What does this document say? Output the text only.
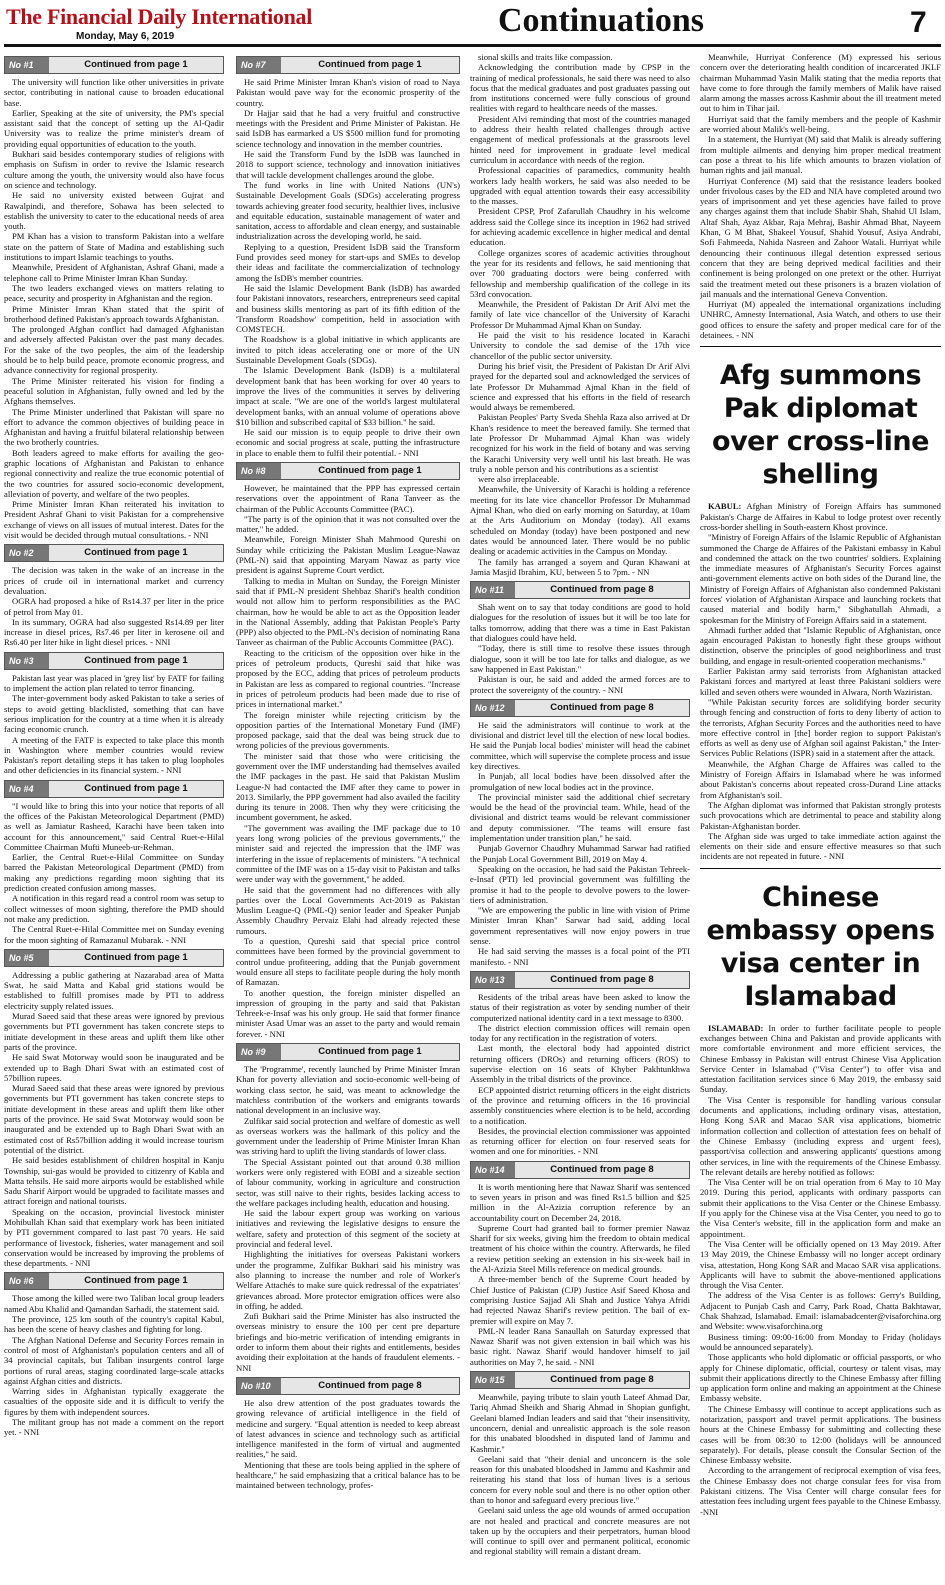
The Financial Daily International
Monday, May 6, 2019	Continuations	7
No #1	Continued from page 1

The university will function like other universities in private sector, contributing in national cause to broaden educational base.

Earlier, Speaking at the site of university, the PM's special assistant said that the concept of setting up the Al-Qadir University was to realize the prime minister's dream of providing equal opportunities of education to the youth.

Bukhari said besides contemporary studies of religions with emphasis on Sufism in order to revive the Islamic research culture among the youth, the university would also have focus on science and technology.

He said no university existed between Gujrat and Rawalpindi, and therefore, Sohawa has been selected to establish the university to cater to the educational needs of area youth.

PM Khan has a vision to transform Pakistan into a welfare state on the pattern of State of Madina and establishing such institutions to impart Islamic teachings to youths.

Meanwhile, President of Afghanistan, Ashraf Ghani, made a telephone call to Prime Minister Imran Khan Sunday.

The two leaders exchanged views on matters relating to peace, security and prosperity in Afghanistan and the region.

Prime Minister Imran Khan stated that the spirit of brotherhood defined Pakistan's approach towards Afghanistan.

The prolonged Afghan conflict had damaged Afghanistan and adversely affected Pakistan over the past many decades. For the sake of the two peoples, the aim of the leadership should be to help build peace, promote economic progress, and advance connectivity for regional prosperity.

The Prime Minister reiterated his vision for finding a peaceful solution in Afghanistan, fully owned and led by the Afghans themselves.

The Prime Minister underlined that Pakistan will spare no effort to advance the common objectives of building peace in Afghanistan and having a fruitful bilateral relationship between the two brotherly countries.

Both leaders agreed to make efforts for availing the geo-graphic locations of Afghanistan and Pakistan to enhance regional connectivity and realize the true economic potential of the two countries for assured socio-economic development, alleviation of poverty, and welfare of the two peoples.

Prime Minister Imran Khan reiterated his invitation to President Ashraf Ghani to visit Pakistan for a comprehensive exchange of views on all issues of mutual interest. Dates for the visit would be decided through mutual consultations. - NNI

No #2	Continued from page 1

The decision was taken in the wake of an increase in the prices of crude oil in international market and currency devaluation.

OGRA had proposed a hike of Rs14.37 per liter in the price of petrol from May 01.

In its summary, OGRA had also suggested Rs14.89 per liter increase in diesel prices, Rs7.46 per liter in kerosene oil and Rs6.40 per liter hike in light diesel prices. - NNI

No #3	Continued from page 1

Pakistan last year was placed in 'grey list' by FATF for failing to implement the action plan related to terror financing.

The inter-government body asked Pakistan to take a series of steps to avoid getting blacklisted, something that can have serious implication for the country at a time when it is already facing economic crunch.

A meeting of the FATF is expected to take place this month in Washington where member countries would review Pakistan's report detailing steps it has taken to plug loopholes and other deficiencies in its financial system. - NNI

No #4	Continued from page 1

"I would like to bring this into your notice that reports of all the offices of the Pakistan Meteorological Department (PMD) as well as Jamiatur Rasheed, Karachi have been taken into account for this announcement," said Central Ruet-e-Hilal Committee Chairman Mufti Muneeb-ur-Rehman.

Earlier, the Central Ruet-e-Hilal Committee on Sunday barred the Pakistan Meteorological Department (PMD) from making any predictions regarding moon sighting that its prediction created confusion among masses.

A notification in this regard read a control room was setup to collect witnesses of moon sighting, therefore the PMD should not make any prediction.

The Central Ruet-e-Hilal Committee met on Sunday evening for the moon sighting of Ramazanul Mubarak. - NNI

No #5	Continued from page 1

Addressing a public gathering at Nazarabad area of Matta Swat, he said Matta and Kabal grid stations would be established to fulfill promises made by PTI to address electricity supply related issues.

Murad Saeed said that these areas were ignored by previous governments but PTI government has taken concrete steps to initiate development in these areas and uplift them like other parts of the province.

He said Swat Motorway would soon be inaugurated and be extended up to Bagh Dhari Swat with an estimated cost of 57billion rupees.

Murad Saeed said that these areas were ignored by previous governments but PTI government has taken concrete steps to initiate development in these areas and uplift them like other parts of the province. He said Swat Motorway would soon be inaugurated and be extended up to Bagh Dhari Swat with an estimated cost of Rs57billion adding it would increase tourism potential of the district.

He said besides establishment of children hospital in Kanju Township, sui-gas would be provided to citizenry of Kabla and Matta tehsils. He said more airports would be established while Sadu Sharif Airport would be upgraded to facilitate masses and attract foreign and national tourists.

Speaking on the occasion, provincial livestock minister Mohibullah Khan said that exemplary work has been initiated by PTI government compared to last past 70 years. He said performance of livestock, fisheries, water management and soil conservation would be increased by improving the problems of these departments. - NNI

No #6	Continued from page 1

Those among the killed were two Taliban local group leaders named Abu Khalid and Qamandan Sarhadi, the statement said.

The province, 125 km south of the country's capital Kabul, has been the scene of heavy clashes and fighting for long.

The Afghan National Defense and Security Forces remain in control of most of Afghanistan's population centers and all of 34 provincial capitals, but Taliban insurgents control large portions of rural areas, staging coordinated large-scale attacks against Afghan cities and districts.

Warring sides in Afghanistan typically exaggerate the casualties of the opposite side and it is difficult to verify the figures by them with independent sources.

The militant group has not made a comment on the report yet. - NNI

No #7	Continued from page 1

He said Prime Minister Imran Khan's vision of road to Naya Pakistan would pave way for the economic prosperity of the country.

Dr Hajjar said that he had a very fruitful and constructive meetings with the President and Prime Minister of Pakistan. He said IsDB has earmarked a US $500 million fund for promoting science technology and innovation in the member countries.

He said the Transform Fund by the IsDB was launched in 2018 to support science, technology and innovation initiatives that will tackle development challenges around the globe.

The fund works in line with United Nations (UN's) Sustainable Development Goals (SDGs) accelerating progress towards achieving greater food security, healthier lives, inclusive and equitable education, sustainable management of water and sanitation, access to affordable and clean energy, and sustainable industrialization across the developing world, he said.

Replying to a question, President IsDB said the Transform Fund provides seed money for start-ups and SMEs to develop their ideas and facilitate the commercialization of technology among the IsDB's member countries.

He said the Islamic Development Bank (IsDB) has awarded four Pakistani innovators, researchers, entrepreneurs seed capital and business skills mentoring as part of its fifth edition of the 'Transform Roadshow' competition, held in association with COMSTECH.

The Roadshow is a global initiative in which applicants are invited to pitch ideas accelerating one or more of the UN Sustainable Development Goals (SDGs).

The Islamic Development Bank (IsDB) is a multilateral development bank that has been working for over 40 years to improve the lives of the communities it serves by delivering impact at scale. "We are one of the world's largest multilateral development banks, with an annual volume of operations above $10 billion and subscribed capital of $33 billion." he said.

He said our mission is to equip people to drive their own economic and social progress at scale, putting the infrastructure in place to enable them to fulfil their potential. - NNI

No #8	Continued from page 1

However, he maintained that the PPP has expressed certain reservations over the appointment of Rana Tanveer as the chairman of the Public Accounts Committee (PAC).

"The party is of the opinion that it was not consulted over the matter," he added.

Meanwhile, Foreign Minister Shah Mahmood Qureshi on Sunday while criticizing the Pakistan Muslim League-Nawaz (PML-N) said that appointing Maryam Nawaz as party vice president is against Supreme Court verdict.

Talking to media in Multan on Sunday, the Foreign Minister said that if PML-N president Shehbaz Sharif's health condition would not allow him to perform responsibilities as the PAC chairman, how he would be able to act as the Opposition leader in the National Assembly, adding that Pakistan People's Party (PPP) also objected to the PML-N's decision of nominating Rana Tanveer as chairman of the Public Accounts Committee (PAC).

Reacting to the criticism of the opposition over hike in the prices of petroleum products, Qureshi said that hike was proposed by the ECC, adding that prices of petroleum products in Pakistan are less as compared to regional countries. "Increase in prices of petroleum products had been made due to rise of prices in international market."

The foreign minister while rejecting criticism by the opposition parties of the International Monetary Fund (IMF) proposed package, said that the deal was being struck due to wrong policies of the previous governments.

The minister said that those who were criticising the government over the IMF understanding had themselves availed the IMF packages in the past. He said that Pakistan Muslim League-N had contacted the IMF after they came to power in 2013. Similarly, the PPP government had also availed the facility during its tenure in 2008. Then why they were criticising the incumbent government, he asked.

"The government was availing the IMF package due to 10 years long wrong policies of the previous governments," the minister said and rejected the impression that the IMF was interfering in the issue of replacements of ministers. "A technical committee of the IMF was on a 15-day visit to Pakistan and talks were under way with the government," he added.

He said that the government had no differences with ally parties over the Local Governments Act-2019 as Pakistan Muslim League-Q (PML-Q) senior leader and Speaker Punjab Assembly Chaudhry Pervaiz Elahi had already rejected these rumours.

To a question, Qureshi said that special price control committees have been formed by the provincial government to control undue profiteering, adding that the Punjab government would ensure all steps to facilitate people during the holy month of Ramazan.

To another question, the foreign minister dispelled an impression of grouping in the party and said that Pakistan Tehreek-e-Insaf was his only group. He said that former finance minister Asad Umar was an asset to the party and would remain forever. - NNI

No #9	Continued from page 1

The 'Programme', recently launched by Prime Minister Imran Khan for poverty alleviation and socio-economic well-being of working class sector, he said, was meant to acknowledge the matchless contribution of the workers and emigrants towards national development in an inclusive way.

Zulfikar said social protection and welfare of domestic as well as overseas workers was the hallmark of this policy and the government under the leadership of Prime Minister Imran Khan was striving hard to uplift the living standards of lower class.

The Special Assistant pointed out that around 0.38 million workers were only registered with EOBI and a sizeable section of labour community, working in agriculture and construction sector, was still naive to their rights, besides lacking access to the welfare packages including health, education and housing.

He said the labour expert group was working on various initiatives and reviewing the legislative designs to ensure the welfare, safety and protection of this segment of the society at provincial and federal level.

Highlighting the initiatives for overseas Pakistani workers under the programme, Zulfikar Bukhari said his ministry was also planning to increase the number and role of Worker's Welfare Attachés to make sure quick redressal of the expatriates' grievances abroad. More protector emigration offices were also in offing, he added.

Zufi Bukhari said the Prime Minister has also instructed the overseas ministry to ensure the 100 per cent pre departure briefings and bio-metric verification of intending emigrants in order to inform them about their rights and entitlements, besides avoiding their exploitation at the hands of fraudulent elements. - NNI

No #10	Continued from page 8

He also drew attention of the post graduates towards the growing relevance of artificial intelligence in the field of medicine and surgery. "Equal attention is needed to keep abreast of latest advances in science and technology such as artificial intelligence manifested in the form of virtual and augmented realities," he said.

Mentioning that these are tools being applied in the sphere of healthcare," he said emphasizing that a critical balance has to be maintained between technology, profes-

sional skills and traits like compassion.

Acknowledging the contribution made by CPSP in the training of medical professionals, he said there was need to also focus that the medical graduates and post graduates passing out from institutions concerned were fully conscious of ground realities with regard to healthcare needs of the masses.

President Alvi reminding that most of the countries managed to address their health related challenges through active engagement of medical professionals at the grassroots level hinted need for improvement in graduate level medical curriculum in accordance with needs of the region.

Professional capacities of paramedics, community health workers lady health workers, he said was also needed to be upgraded with equal attention towards their easy accessibility to the masses.

President CPSP, Prof Zafarullah Chaudhry in his welcome address said the College since its inception in 1962 had strived for achieving academic excellence in higher medical and dental education.

College organizes scores of academic activities throughout the year for its residents and fellows, he said mentioning that over 700 graduating doctors were being conferred with fellowship and membership qualification of the college in its 53rd convocation.

Meanwhile, the President of Pakistan Dr Arif Alvi met the family of late vice chancellor of the University of Karachi Professor Dr Muhammad Ajmal Khan on Sunday.

He paid the visit to his residence located in Karachi University to condole the sad demise of the 17th vice chancellor of the public sector university.

During his brief visit, the President of Pakistan Dr Arif Alvi prayed for the departed soul and acknowledged the services of late Professor Dr Muhammad Ajmal Khan in the field of science and expressed that his efforts in the field of research would always be remembered.

Pakistan Peoples' Party Sveda Shehla Raza also arrived at Dr Khan's residence to meet the bereaved family. She termed that late Professor Dr Muhammad Ajmal Khan was widely recognized for his work in the field of botany and was serving the Karachi University very well until his last breath. He was truly a noble person and his contributions as a scientist

were also irreplaceable.

Meanwhile, the University of Karachi is holding a reference meeting for its late vice chancellor Professor Dr Muhammad Ajmal Khan, who died on early morning on Saturday, at 10am at the Arts Auditorium on Monday (today). All exams scheduled on Monday (today) have been postponed and new dates would be announced later. There would be no public dealing or academic activities in the Campus on Monday.

The family has arranged a soyem and Quran Khawani at Jamia Masjid Ibrahim, KU, between 5 to 7pm. - NN

No #11	Continued from page 8

Shah went on to say that today conditions are good to hold dialogues for the resolution of issues but it will be too late for talks tomorrow, adding that there was a time in East Pakistan that dialogues could have held.

"Today, there is still time to resolve these issues through dialogue, soon it will be too late for talks and dialogue, as we saw happened in East Pakistan."

Pakistan is our, he said and added the armed forces are to protect the sovereignty of the country. - NNI

No #12	Continued from page 8

He said the administrators will continue to work at the divisional and district level till the election of new local bodies. He said the Punjab local bodies' minister will head the cabinet committee, which will supervise the complete process and issue key directives.

In Punjab, all local bodies have been dissolved after the promulgation of new local bodies act in the province.

The provincial minister said the additional chief secretary would be the head of the provincial team. While, head of the divisional and district teams would be relevant commissioner and deputy commissioner. "The teams will ensure fast implementation under transition plan," he said.

Punjab Governor Chaudhry Muhammad Sarwar had ratified the Punjab Local Government Bill, 2019 on May 4.

Speaking on the occasion, he had said the Pakistan Tehreek-e-Insaf (PTI) led provincial government was fulfilling the promise it had to the people to devolve powers to the lower-tiers of administration.

"We are empowering the public in line with vision of Prime Minister Imran Khan" Sarwar had said, adding local government representatives will now enjoy powers in true sense.

He had said serving the masses is a focal point of the PTI manifesto. - NNI

No #13	Continued from page 8

Residents of the tribal areas have been asked to know the status of their registration as voter by sending number of their computerized national identity card in a text message to 8300.

The district election commission offices will remain open today for any rectification in the registration of voters.

Last month, the electoral body had appointed district returning officers (DROs) and returning officers (ROS) to supervise election on 16 seats of Khyber Pakhtunkhwa Assembly in the tribal districts of the province.

ECP appointed district returning officers in the eight districts of the province and returning officers in the 16 provincial assembly constituencies where election is to be held, according to a notification.

Besides, the provincial election commissioner was appointed as returning officer for election on four reserved seats for women and one for minorities. - NNI

No #14	Continued from page 8

It is worth mentioning here that Nawaz Sharif was sentenced to seven years in prison and was fined Rs1.5 billion and $25 million in the Al-Azizia corruption reference by an accountability court on December 24, 2018.

Supreme Court had granted bail to former premier Nawaz Sharif for six weeks, giving him the freedom to obtain medical treatment of his choice within the country. Afterwards, he filed a review petition seeking an extension in his six-week bail in the Al-Azizia Steel Mills reference on medical grounds.

A three-member bench of the Supreme Court headed by Chief Justice of Pakistan (CJP) Justice Asif Saeed Khosa and comprising Justice Sajjad Ali Shah and Justice Yahya Afridi had rejected Nawaz Sharif's review petition. The bail of ex-premier will expire on May 7.

PML-N leader Rana Sanaullah on Saturday expressed that Nawaz Sharif was not given extension in bail which was his basic right. Nawaz Sharif would handover himself to jail authorities on May 7, he said. - NNI

No #15	Continued from page 8

Meanwhile, paying tribute to slain youth Lateef Ahmad Dar, Tariq Ahmad Sheikh and Sharig Ahmad in Shopian gunfight, Geelani blamed Indian leaders and said that "their insensitivity, unconcern, denial and unrealistic approach is the sole reason for this unabated bloodshed in disputed land of Jammu and Kashmir."

Geelani said that "their denial and unconcern is the sole reason for this unabated bloodshed in Jammu and Kashmir and reiterating his stand that loss of human lives is a serious concern for every noble soul and there is no other option other than to honor and safeguard every precious live."

Geelani said unless the age old wounds of armed occupation are not healed and practical and concrete measures are not taken up by the occupiers and their perpetrators, human blood will continue to spill over and permanent political, economic and regional stability will remain a distant dream.

Meanwhile, Hurriyat Conference (M) expressed his serious concern over the deteriorating health condition of incarcerated JKLF chairman Muhammad Yasin Malik stating that the media reports that have come to fore through the family members of Malik have raised alarm among the masses across Kashmir about the ill treatment meted out to him in Tihar jail.

Hurriyat said that the family members and the people of Kashmir are worried about Malik's well-being.

In a statement, the Hurriyat (M) said that Malik is already suffering from multiple ailments and denying him proper medical treatment can pose a threat to his life which amounts to brazen violation of human rights and jail manual.

Hurriyat Conference (M) said that the resistance leaders booked under frivolous cases by the ED and NIA have completed around two years of imprisonment and yet these agencies have failed to prove any charges against them that include Shabir Shah, Shahid Ul Islam, Altaf Shah, Ayaz Akbar, Raja Mehraj, Bashir Ahmad Bhat, Nayeem Khan, G M Bhat, Shakeel Yousuf, Shahid Yousuf, Asiya Andrabi, Sofi Fahmeeda, Nahida Nasreen and Zahoor Watali. Hurriyat while denouncing their continuous illegal detention expressed serious concern that they are being deprived medical facilities and their confinement is being prolonged on one pretext or the other. Hurriyat said the treatment meted out these prisoners is a brazen violation of jail manuals and the international Geneva Convention.

Hurriyat (M) appealed the international organizations including UNHRC, Amnesty International, Asia Watch, and others to use their good offices to ensure the safety and proper medical care for of the detainees. - NN

Afg summons Pak diplomat over cross-line shelling

KABUL: Afghan Ministry of Foreign Affairs has summoned Pakistan's Charge de Affaires in Kabul to lodge protest over recently cross-border shelling in South-eastern Khost province.

"Ministry of Foreign Affairs of the Islamic Republic of Afghanistan summoned the Charge de Affaires of the Pakistani embassy in Kabul and condemned the attack on the two countries' soldiers. Explaining the immediate measures of Afghanistan's Security Forces against anti-government elements active on both sides of the Durand line, the Ministry of Foreign Affairs of Afghanistan also condemned Pakistani forces' violation of Afghanistan Airspace and launching rockets that caused material and bodily harm," Sibghatullah Ahmadi, a spokesman for the Ministry of Foreign Affairs said in a statement.

Ahmadi further added that "Islamic Republic of Afghanistan, once again encouraged Pakistan to honestly fight these groups without distinction, observe the principles of good neighborliness and trust building, and engage in result-oriented cooperation mechanisms."

Earlier Pakistan army said terrorists from Afghanistan attacked Pakistani forces and martyred at least three Pakistani soldiers were killed and seven others were wounded in Alwara, North Waziristan.

"While Pakistan security forces are solidifying border security through fencing and construction of forts to deny liberty of action to the terrorists, Afghan Security Forces and the authorities need to have more effective control in [the] border region to support Pakistan's efforts as well as deny use of Afghan soil against Pakistan," the Inter-Services Public Relations (ISPR) said in a statement after the attack.

Meanwhile, the Afghan Charge de Affaires was called to the Ministry of Foreign Affairs in Islamabad where he was informed about Pakistan's concerns about repeated cross-Durand Line attacks from Afghanistan's soil.

The Afghan diplomat was informed that Pakistan strongly protests such provocations which are detrimental to peace and stability along Pakistan-Afghanistan border.

The Afghan side was urged to take immediate action against the elements on their side and ensure effective measures so that such incidents are not repeated in future. - NNI

Chinese embassy opens visa center in Islamabad

ISLAMABAD: In order to further facilitate people to people exchanges between China and Pakistan and provide applicants with more comfortable environment and more efficient services, the Chinese Embassy in Pakistan will entrust Chinese Visa Application Service Center in Islamabad ("Visa Center") to offer visa and attestation facilitation services since 6 May 2019, the embassy said Sunday.

The Visa Center is responsible for handling various consular documents and applications, including ordinary visas, attestation, Hong Kong SAR and Macao SAR visa applications, biometric information collection and collection of attestation fees on behalf of the Chinese Embassy (including express and urgent fees), passport/visa collection and answering applicants' questions among other services, in line with the requirements of the Chinese Embassy. The relevant details are hereby notified as follows:

The Visa Center will be on trial operation from 6 May to 10 May 2019. During this period, applicants with ordinary passports can submit their applications to the Visa Center or the Chinese Embassy. If you apply for the Chinese visa at the Visa Center, you need to go to the Visa Center's website, fill in the application form and make an appointment.

The Visa Center will be officially opened on 13 May 2019. After 13 May 2019, the Chinese Embassy will no longer accept ordinary visa, attestation, Hong Kong SAR and Macao SAR visa applications. Applicants will have to submit the above-mentioned applications through the Visa Center.

The address of the Visa Center is as follows: Gerry's Building, Adjacent to Punjab Cash and Carry, Park Road, Chatta Bakhtawar, Chak Shahzad, Islamabad. Email: islamabadcenter@visaforchina.org and Website: www.visaforchina.org

Business timing: 09:00-16:00 from Monday to Friday (holidays would be announced separately).

Those applicants who hold diplomatic or official passports, or who apply for Chinese diplomatic, official, courtesy or talent visas, may submit their applications directly to the Chinese Embassy after filling up application form online and making an appointment at the Chinese Embassy website.

The Chinese Embassy will continue to accept applications such as notarization, passport and travel permit applications. The business hours at the Chinese Embassy for submitting and collecting these cases will be from 08:30 to 12:00 (holidays will be announced separately). For details, please consult the Consular Section of the Chinese Embassy website.

According to the arrangement of reciprocal exemption of visa fees, the Chinese Embassy does not charge consular fees for visa from Pakistani citizens. The Visa Center will charge consular fees for attestation fees including urgent fees payable to the Chinese Embassy. -NNI
